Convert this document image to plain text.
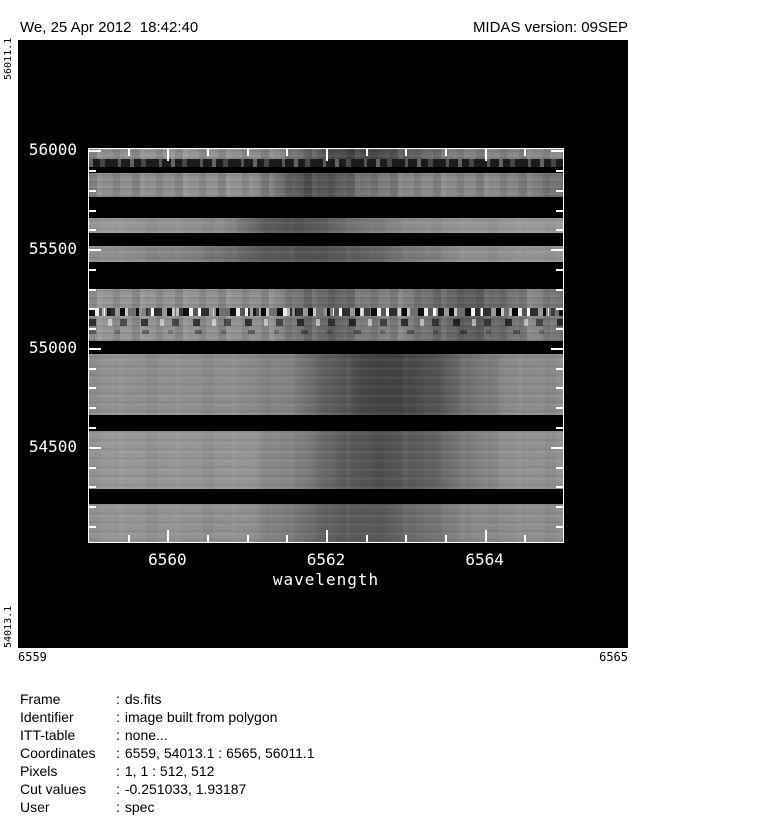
We, 25 Apr 2012  18:42:40	MIDAS version: 09SEP
56011.1
54013.1
wavelength
56000
55500
55000
54500
6560	6562	6564
6559	6565
Frame	: ds.fits
Identifier	: image built from polygon
ITT-table	: none...
Coordinates : 6559, 54013.1 : 6565, 56011.1
Pixels	: 1, 1 : 512, 512
Cut values : -0.251033, 1.93187
User	: spec
